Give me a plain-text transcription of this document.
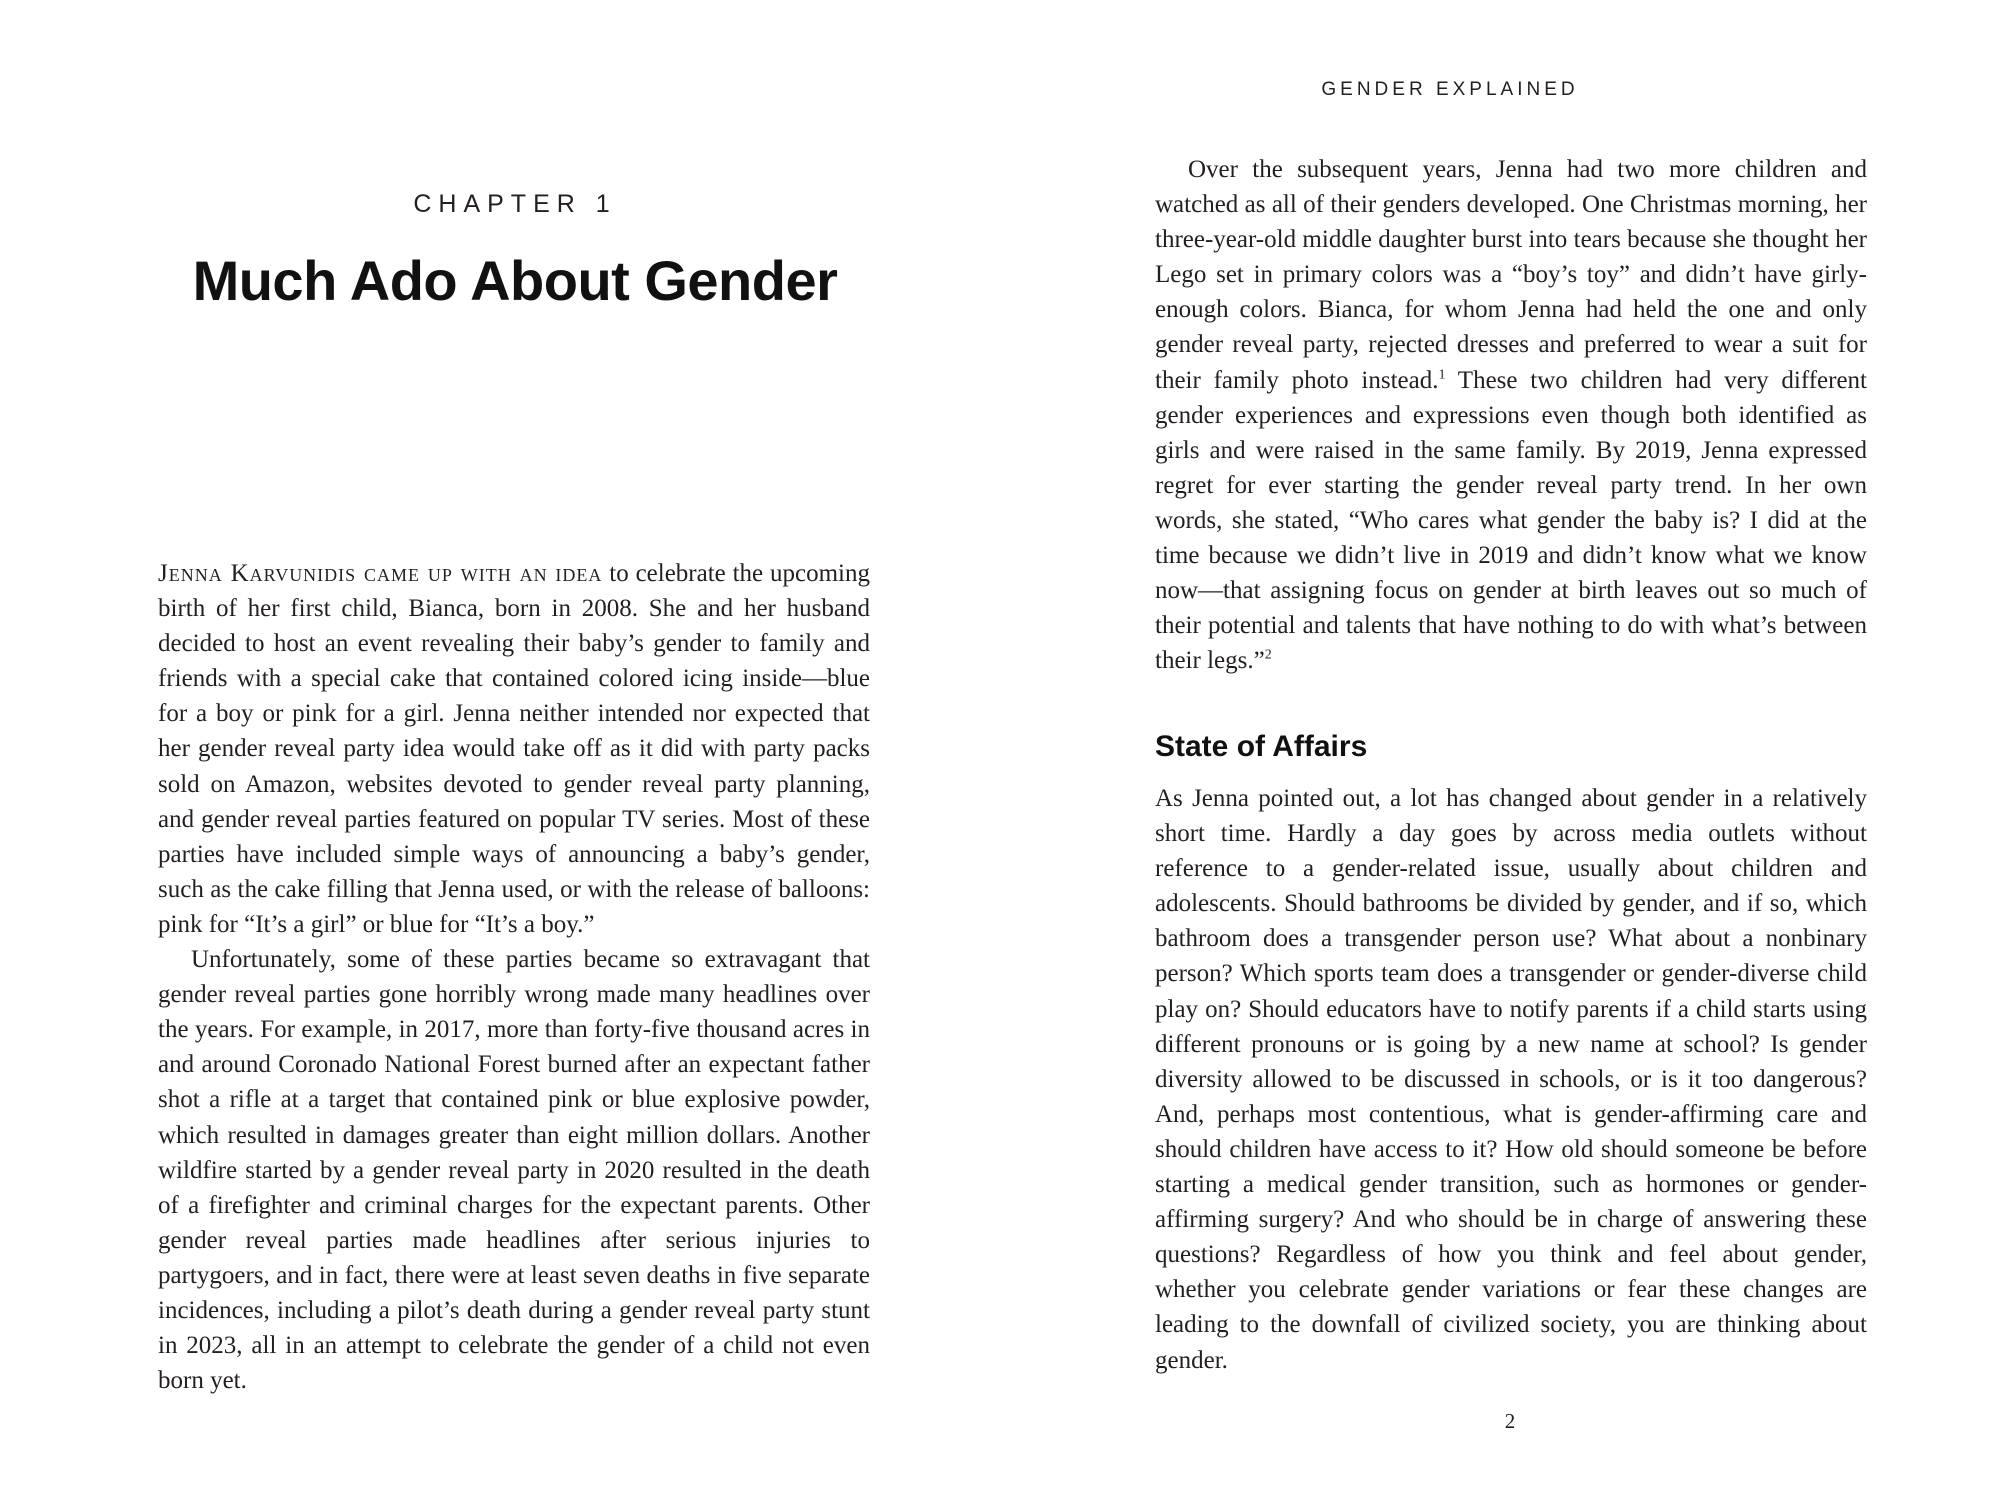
CHAPTER 1
Much Ado About Gender

Jenna Karvunidis came up with an idea to celebrate the upcoming birth of her first child, Bianca, born in 2008. She and her husband decided to host an event revealing their baby’s gender to family and friends with a special cake that contained colored icing inside—blue for a boy or pink for a girl. Jenna neither intended nor expected that her gender reveal party idea would take off as it did with party packs sold on Amazon, websites devoted to gender reveal party planning, and gender reveal parties featured on popular TV series. Most of these parties have included simple ways of announcing a baby’s gender, such as the cake filling that Jenna used, or with the release of balloons: pink for “It’s a girl” or blue for “It’s a boy.”

Unfortunately, some of these parties became so extravagant that gender reveal parties gone horribly wrong made many headlines over the years. For example, in 2017, more than forty-five thousand acres in and around Coronado National Forest burned after an expectant father shot a rifle at a target that contained pink or blue explosive powder, which resulted in damages greater than eight million dollars. Another wildfire started by a gender reveal party in 2020 resulted in the death of a firefighter and criminal charges for the expectant parents. Other gender reveal parties made headlines after serious injuries to partygoers, and in fact, there were at least seven deaths in five separate incidences, including a pilot’s death during a gender reveal party stunt in 2023, all in an attempt to celebrate the gender of a child not even born yet.

GENDER EXPLAINED

Over the subsequent years, Jenna had two more children and watched as all of their genders developed. One Christmas morning, her three-year-old middle daughter burst into tears because she thought her Lego set in primary colors was a “boy’s toy” and didn’t have girly-enough colors. Bianca, for whom Jenna had held the one and only gender reveal party, rejected dresses and preferred to wear a suit for their family photo instead.$^1$ These two children had very different gender experiences and expressions even though both identified as girls and were raised in the same family. By 2019, Jenna expressed regret for ever starting the gender reveal party trend. In her own words, she stated, “Who cares what gender the baby is? I did at the time because we didn’t live in 2019 and didn’t know what we know now—that assigning focus on gender at birth leaves out so much of their potential and talents that have nothing to do with what’s between their legs.”$^2$

State of Affairs

As Jenna pointed out, a lot has changed about gender in a relatively short time. Hardly a day goes by across media outlets without reference to a gender-related issue, usually about children and adolescents. Should bathrooms be divided by gender, and if so, which bathroom does a transgender person use? What about a nonbinary person? Which sports team does a transgender or gender-diverse child play on? Should educators have to notify parents if a child starts using different pronouns or is going by a new name at school? Is gender diversity allowed to be discussed in schools, or is it too dangerous? And, perhaps most contentious, what is gender-affirming care and should children have access to it? How old should someone be before starting a medical gender transition, such as hormones or gender-affirming surgery? And who should be in charge of answering these questions? Regardless of how you think and feel about gender, whether you celebrate gender variations or fear these changes are leading to the downfall of civilized society, you are thinking about gender.

2
